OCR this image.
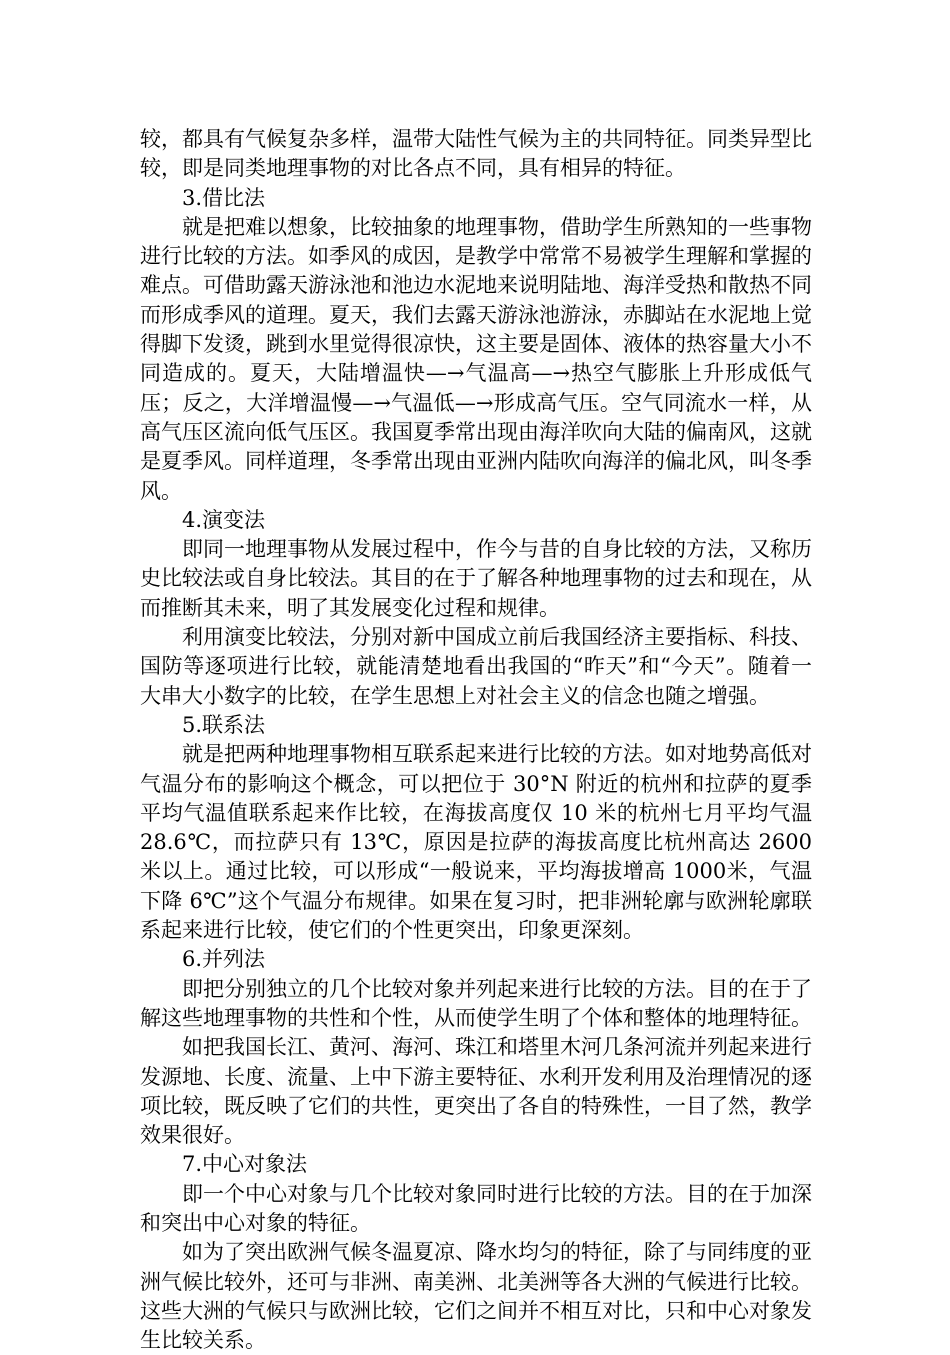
较，都具有气候复杂多样，温带大陆性气候为主的共同特征。同类异型比较，即是同类地理事物的对比各点不同，具有相异的特征。

3.借比法

就是把难以想象，比较抽象的地理事物，借助学生所熟知的一些事物进行比较的方法。如季风的成因，是教学中常常不易被学生理解和掌握的难点。可借助露天游泳池和池边水泥地来说明陆地、海洋受热和散热不同而形成季风的道理。夏天，我们去露天游泳池游泳，赤脚站在水泥地上觉得脚下发烫，跳到水里觉得很凉快，这主要是固体、液体的热容量大小不同造成的。夏天，大陆增温快—→气温高—→热空气膨胀上升形成低气压；反之，大洋增温慢—→气温低—→形成高气压。空气同流水一样，从高气压区流向低气压区。我国夏季常出现由海洋吹向大陆的偏南风，这就是夏季风。同样道理，冬季常出现由亚洲内陆吹向海洋的偏北风，叫冬季风。

4.演变法

即同一地理事物从发展过程中，作今与昔的自身比较的方法，又称历史比较法或自身比较法。其目的在于了解各种地理事物的过去和现在，从而推断其未来，明了其发展变化过程和规律。

利用演变比较法，分别对新中国成立前后我国经济主要指标、科技、国防等逐项进行比较，就能清楚地看出我国的“昨天”和“今天”。随着一大串大小数字的比较，在学生思想上对社会主义的信念也随之增强。

5.联系法

就是把两种地理事物相互联系起来进行比较的方法。如对地势高低对气温分布的影响这个概念，可以把位于 30°N 附近的杭州和拉萨的夏季平均气温值联系起来作比较，在海拔高度仅 10 米的杭州七月平均气温 28.6℃，而拉萨只有 13℃，原因是拉萨的海拔高度比杭州高达 2600 米以上。通过比较，可以形成“一般说来，平均海拔增高 1000米，气温下降 6℃”这个气温分布规律。如果在复习时，把非洲轮廓与欧洲轮廓联系起来进行比较，使它们的个性更突出，印象更深刻。

6.并列法

即把分别独立的几个比较对象并列起来进行比较的方法。目的在于了解这些地理事物的共性和个性，从而使学生明了个体和整体的地理特征。

如把我国长江、黄河、海河、珠江和塔里木河几条河流并列起来进行发源地、长度、流量、上中下游主要特征、水利开发利用及治理情况的逐项比较，既反映了它们的共性，更突出了各自的特殊性，一目了然，教学效果很好。

7.中心对象法

即一个中心对象与几个比较对象同时进行比较的方法。目的在于加深和突出中心对象的特征。

如为了突出欧洲气候冬温夏凉、降水均匀的特征，除了与同纬度的亚洲气候比较外，还可与非洲、南美洲、北美洲等各大洲的气候进行比较。这些大洲的气候只与欧洲比较，它们之间并不相互对比，只和中心对象发生比较关系。
